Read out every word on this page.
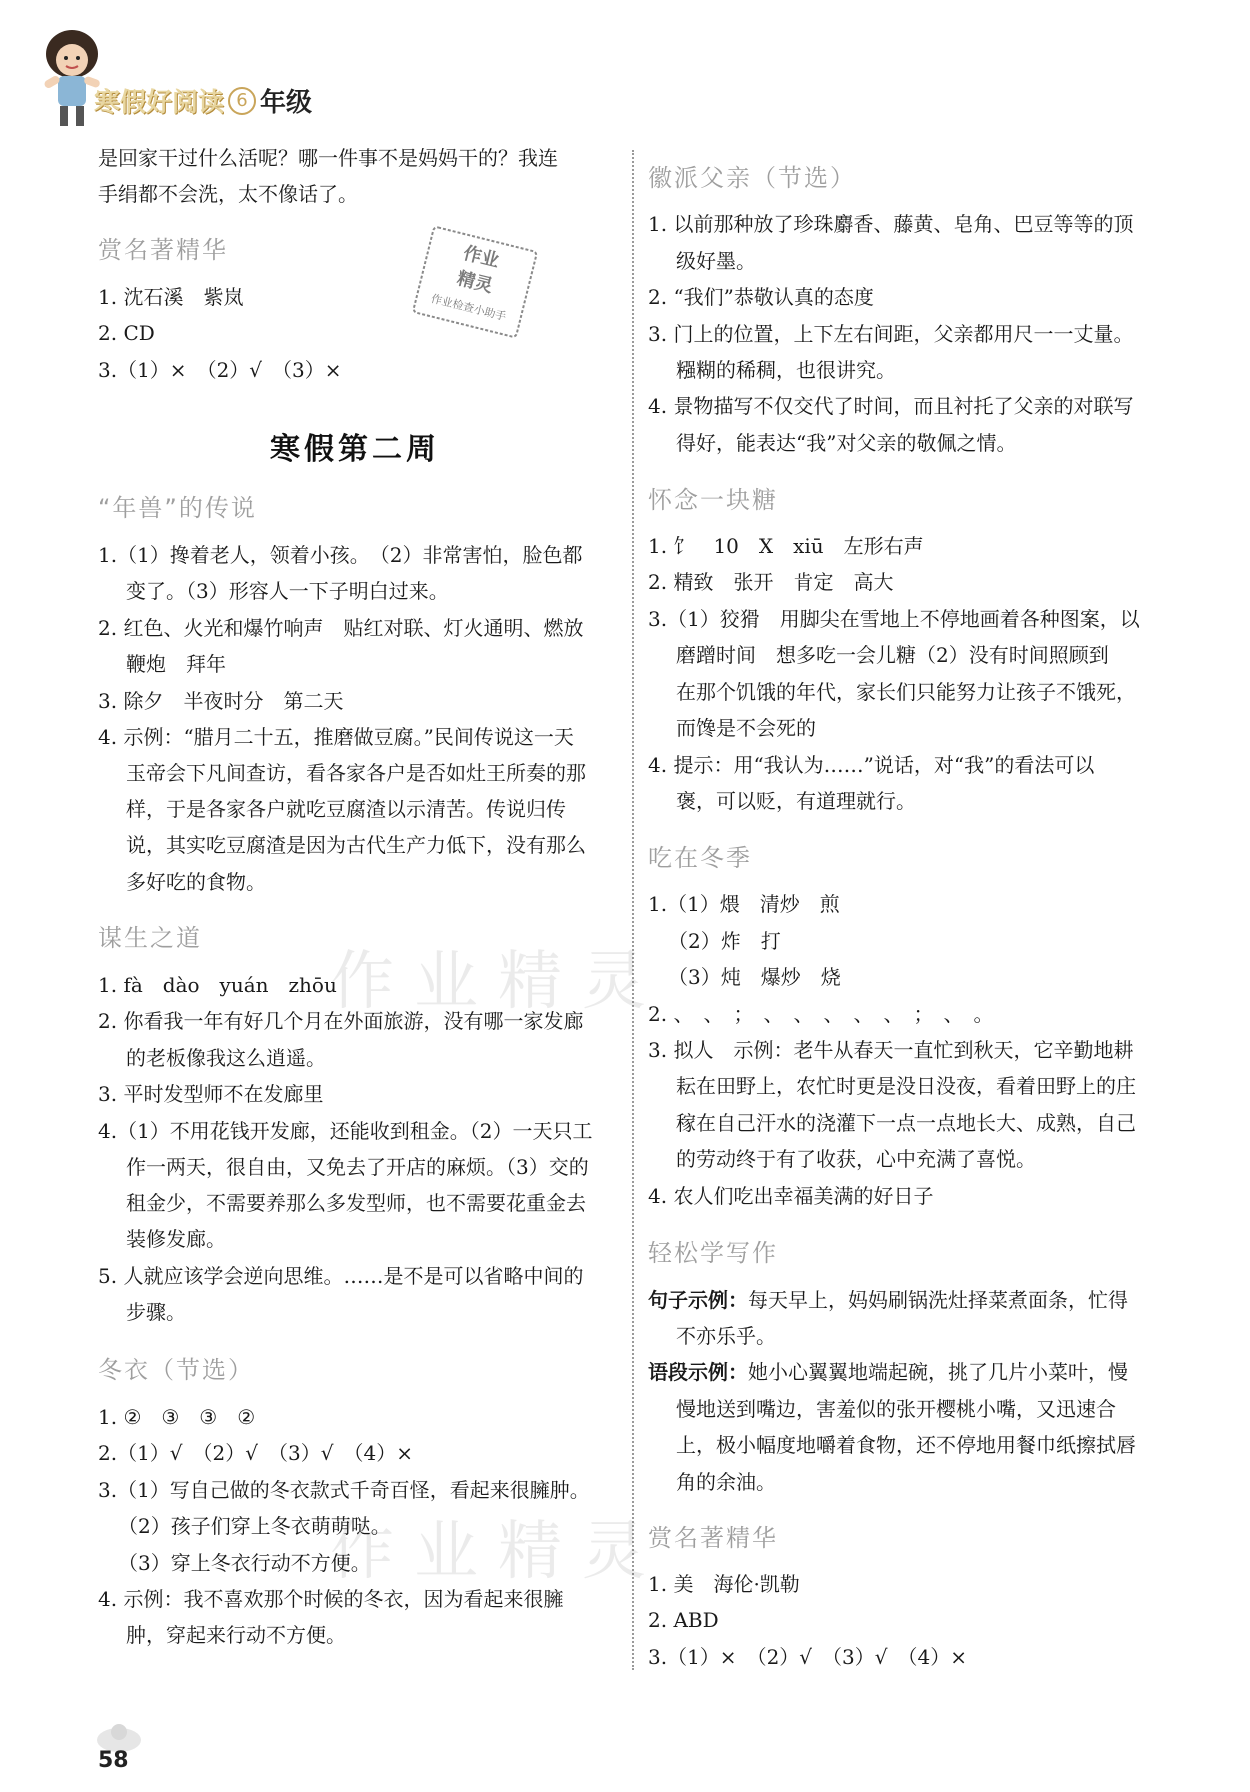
寒假好阅读 6 年级
是回家干过什么活呢？哪一件事不是妈妈干的？我连
手绢都不会洗，太不像话了。
赏名著精华
1. 沈石溪　紫岚
2. CD
3.（1）×　（2）√　（3）×
寒假第二周
“年兽”的传说
1.（1）搀着老人，领着小孩。　（2）非常害怕，脸色都
变了。（3）形容人一下子明白过来。
2. 红色、火光和爆竹响声　贴红对联、灯火通明、燃放
鞭炮　拜年
3. 除夕　半夜时分　第二天
4. 示例：“腊月二十五，推磨做豆腐。”民间传说这一天
玉帝会下凡间查访，看各家各户是否如灶王所奏的那
样，于是各家各户就吃豆腐渣以示清苦。传说归传
说，其实吃豆腐渣是因为古代生产力低下，没有那么
多好吃的食物。
谋生之道
1. fà　dào　yuán　zhōu
2. 你看我一年有好几个月在外面旅游，没有哪一家发廊
的老板像我这么逍遥。
3. 平时发型师不在发廊里
4.（1）不用花钱开发廊，还能收到租金。（2）一天只工
作一两天，很自由，又免去了开店的麻烦。（3）交的
租金少，不需要养那么多发型师，也不需要花重金去
装修发廊。
5. 人就应该学会逆向思维。……是不是可以省略中间的
步骤。
冬衣（节选）
1. ②　③　③　②
2.（1）√　（2）√　（3）√　（4）×
3.（1）写自己做的冬衣款式千奇百怪，看起来很臃肿。
（2）孩子们穿上冬衣萌萌哒。
（3）穿上冬衣行动不方便。
4. 示例：我不喜欢那个时候的冬衣，因为看起来很臃
肿，穿起来行动不方便。
作业
精灵
作业检查小助手
作业精灵
作业精灵
徽派父亲（节选）
1. 以前那种放了珍珠麝香、藤黄、皂角、巴豆等等的顶
级好墨。
2. “我们”恭敬认真的态度
3. 门上的位置，上下左右间距，父亲都用尺一一丈量。
糨糊的稀稠，也很讲究。
4. 景物描写不仅交代了时间，而且衬托了父亲的对联写
得好，能表达“我”对父亲的敬佩之情。
怀念一块糖
1. 饣　10　X　xiū　左形右声
2. 精致　张开　肯定　高大
3.（1）狡猾　用脚尖在雪地上不停地画着各种图案，以
磨蹭时间　想多吃一会儿糖（2）没有时间照顾到
在那个饥饿的年代，家长们只能努力让孩子不饿死，
而馋是不会死的
4. 提示：用“我认为……”说话，对“我”的看法可以
褒，可以贬，有道理就行。
吃在冬季
1.（1）煨　清炒　煎
（2）炸　打
（3）炖　爆炒　烧
2. 、　、　；　、　、　、　、　、　；　、　。
3. 拟人　示例：老牛从春天一直忙到秋天，它辛勤地耕
耘在田野上，农忙时更是没日没夜，看着田野上的庄
稼在自己汗水的浇灌下一点一点地长大、成熟，自己
的劳动终于有了收获，心中充满了喜悦。
4. 农人们吃出幸福美满的好日子
轻松学写作
句子示例：每天早上，妈妈刷锅洗灶择菜煮面条，忙得
不亦乐乎。
语段示例：她小心翼翼地端起碗，挑了几片小菜叶，慢
慢地送到嘴边，害羞似的张开樱桃小嘴，又迅速合
上，极小幅度地嚼着食物，还不停地用餐巾纸擦拭唇
角的余油。
赏名著精华
1. 美　海伦·凯勒
2. ABD
3.（1）×　（2）√　（3）√　（4）×
58
